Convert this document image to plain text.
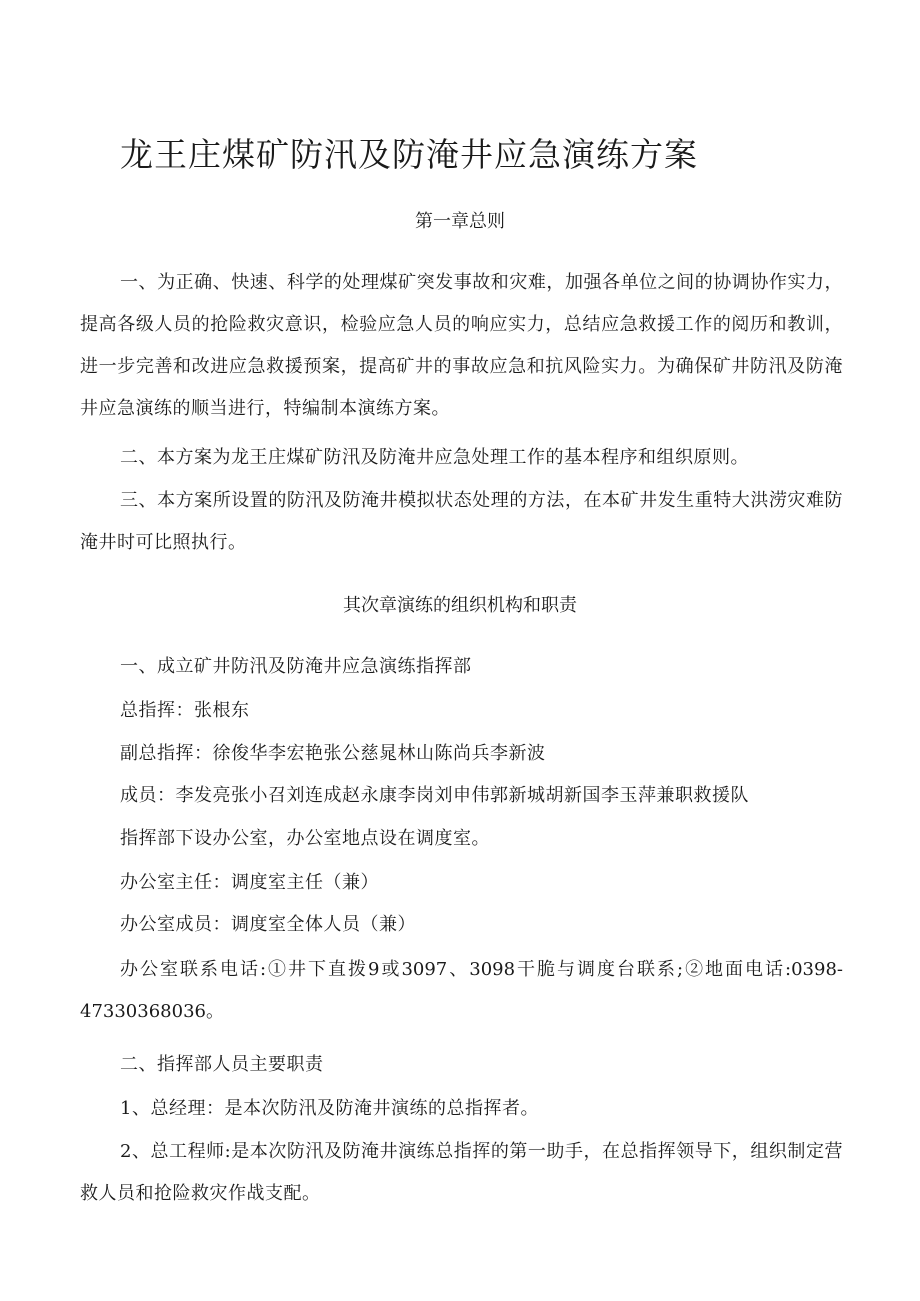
龙王庄煤矿防汛及防淹井应急演练方案
第一章总则

一、为正确、快速、科学的处理煤矿突发事故和灾难，加强各单位之间的协调协作实力，提高各级人员的抢险救灾意识，检验应急人员的响应实力，总结应急救援工作的阅历和教训，进一步完善和改进应急救援预案，提高矿井的事故应急和抗风险实力。为确保矿井防汛及防淹井应急演练的顺当进行，特编制本演练方案。

二、本方案为龙王庄煤矿防汛及防淹井应急处理工作的基本程序和组织原则。

三、本方案所设置的防汛及防淹井模拟状态处理的方法，在本矿井发生重特大洪涝灾难防淹井时可比照执行。

其次章演练的组织机构和职责

一、成立矿井防汛及防淹井应急演练指挥部

总指挥：张根东

副总指挥：徐俊华李宏艳张公慈晁林山陈尚兵李新波

成员：李发亮张小召刘连成赵永康李岗刘申伟郭新城胡新国李玉萍兼职救援队

指挥部下设办公室，办公室地点设在调度室。

办公室主任：调度室主任（兼）

办公室成员：调度室全体人员（兼）

办公室联系电话:①井下直拨9或3097、3098干脆与调度台联系;②地面电话:0398-47330368036。

二、指挥部人员主要职责

1、总经理：是本次防汛及防淹井演练的总指挥者。

2、总工程师:是本次防汛及防淹井演练总指挥的第一助手，在总指挥领导下，组织制定营救人员和抢险救灾作战支配。
